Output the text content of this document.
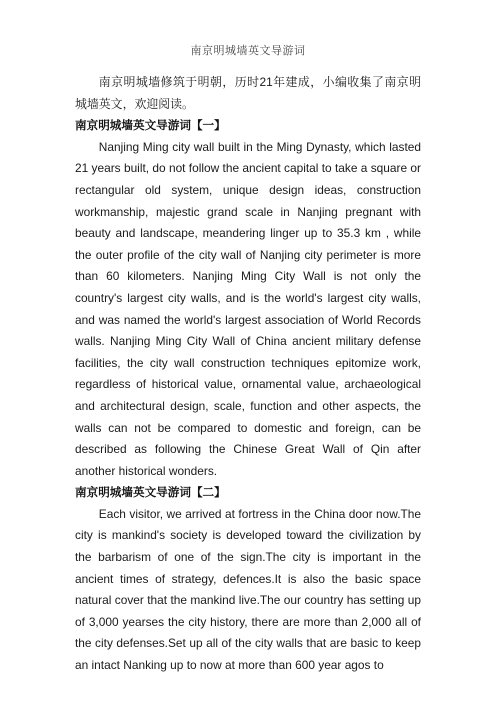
南京明城墙英文导游词

南京明城墙修筑于明朝，历时21年建成，小编收集了南京明城墙英文，欢迎阅读。

南京明城墙英文导游词【一】

Nanjing Ming city wall built in the Ming Dynasty, which lasted 21 years built, do not follow the ancient capital to take a square or rectangular old system, unique design ideas, construction workmanship, majestic grand scale in Nanjing pregnant with beauty and landscape, meandering linger up to 35.3 km , while the outer profile of the city wall of Nanjing city perimeter is more than 60 kilometers. Nanjing Ming City Wall is not only the country's largest city walls, and is the world's largest city walls, and was named the world's largest association of World Records walls. Nanjing Ming City Wall of China ancient military defense facilities, the city wall construction techniques epitomize work, regardless of historical value, ornamental value, archaeological and architectural design, scale, function and other aspects, the walls can not be compared to domestic and foreign, can be described as following the Chinese Great Wall of Qin after another historical wonders.

南京明城墙英文导游词【二】

Each visitor, we arrived at fortress in the China door now.The city is mankind's society is developed toward the civilization by the barbarism of one of the sign.The city is important in the ancient times of strategy, defences.It is also the basic space natural cover that the mankind live.The our country has setting up of 3,000 yearses the city history, there are more than 2,000 all of the city defenses.Set up all of the city walls that are basic to keep an intact Nanking up to now at more than 600 year agos to
